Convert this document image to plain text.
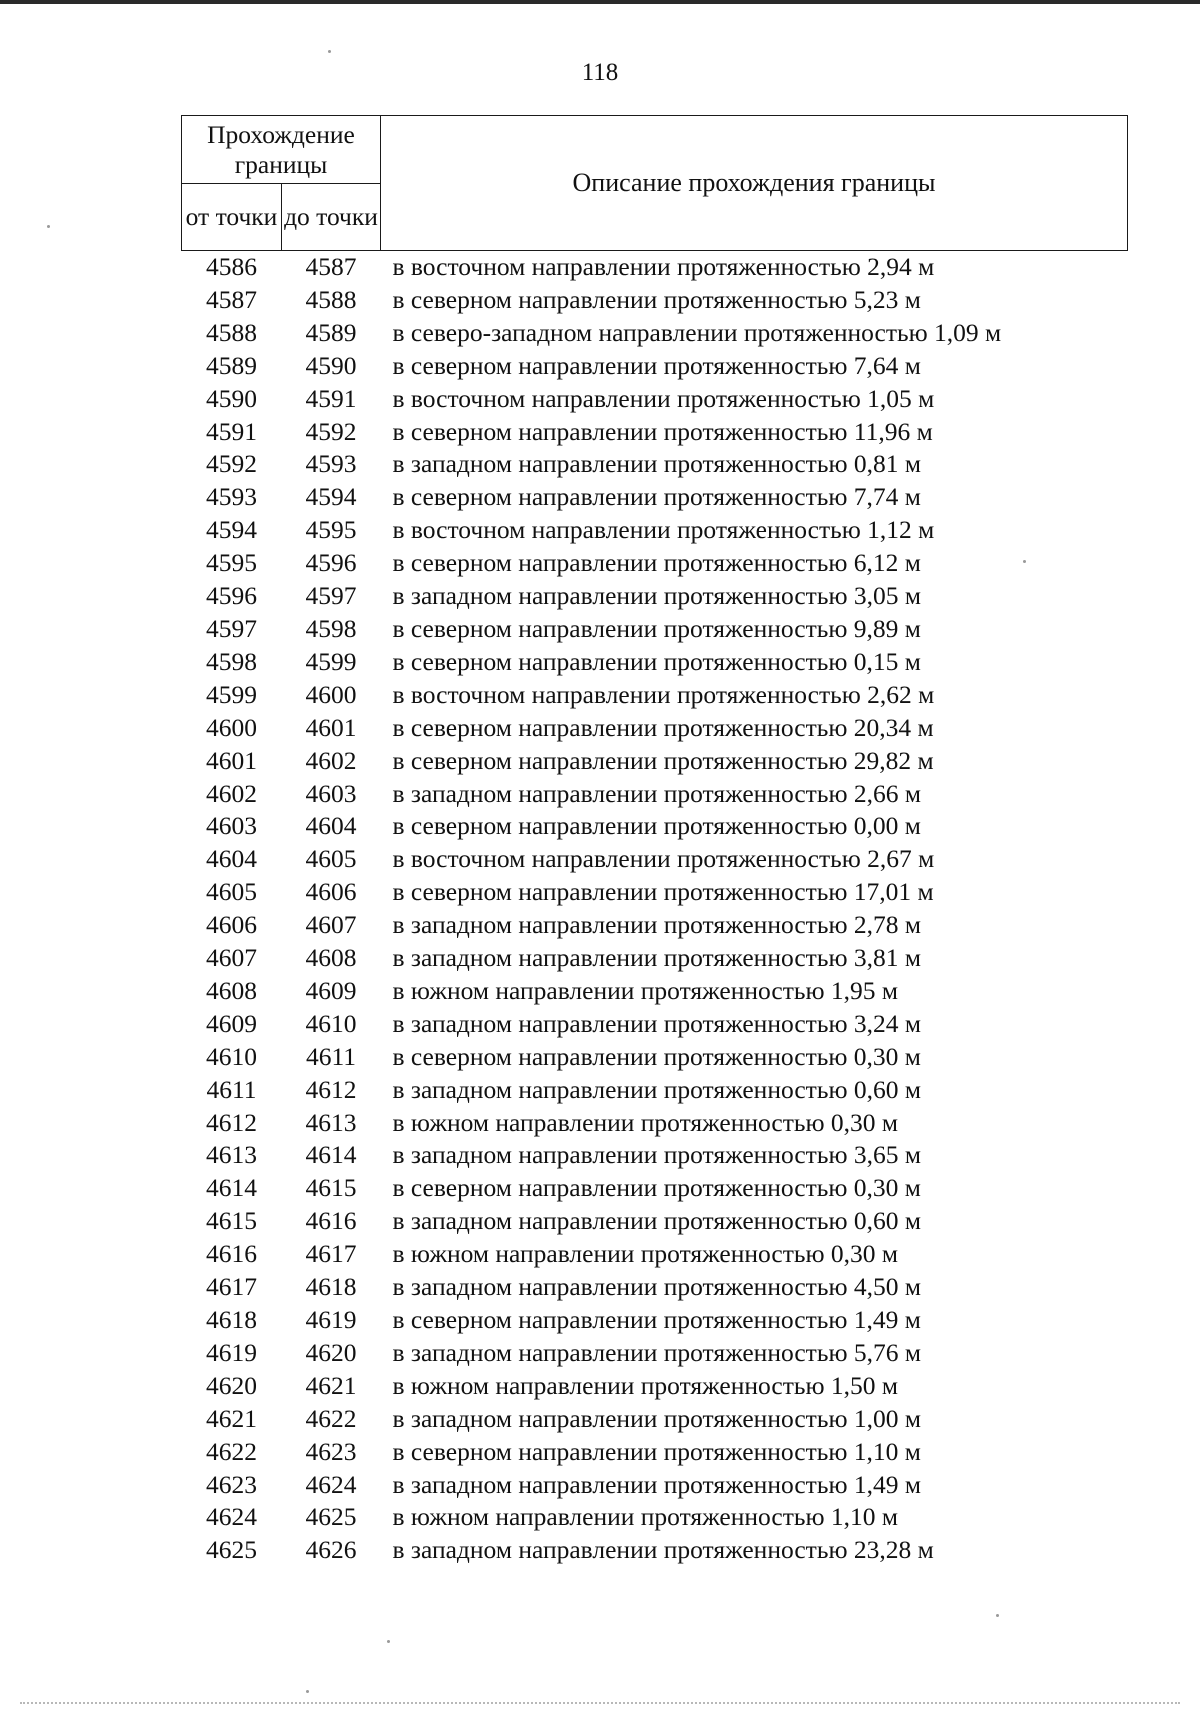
118
Прохождение границы		Описание прохождения границы
от точки	до точки	
4586	4587	в восточном направлении протяженностью 2,94 м
4587	4588	в северном направлении протяженностью 5,23 м
4588	4589	в северо-западном направлении протяженностью 1,09 м
4589	4590	в северном направлении протяженностью 7,64 м
4590	4591	в восточном направлении протяженностью 1,05 м
4591	4592	в северном направлении протяженностью 11,96 м
4592	4593	в западном направлении протяженностью 0,81 м
4593	4594	в северном направлении протяженностью 7,74 м
4594	4595	в восточном направлении протяженностью 1,12 м
4595	4596	в северном направлении протяженностью 6,12 м
4596	4597	в западном направлении протяженностью 3,05 м
4597	4598	в северном направлении протяженностью 9,89 м
4598	4599	в северном направлении протяженностью 0,15 м
4599	4600	в восточном направлении протяженностью 2,62 м
4600	4601	в северном направлении протяженностью 20,34 м
4601	4602	в северном направлении протяженностью 29,82 м
4602	4603	в западном направлении протяженностью 2,66 м
4603	4604	в северном направлении протяженностью 0,00 м
4604	4605	в восточном направлении протяженностью 2,67 м
4605	4606	в северном направлении протяженностью 17,01 м
4606	4607	в западном направлении протяженностью 2,78 м
4607	4608	в западном направлении протяженностью 3,81 м
4608	4609	в южном направлении протяженностью 1,95 м
4609	4610	в западном направлении протяженностью 3,24 м
4610	4611	в северном направлении протяженностью 0,30 м
4611	4612	в западном направлении протяженностью 0,60 м
4612	4613	в южном направлении протяженностью 0,30 м
4613	4614	в западном направлении протяженностью 3,65 м
4614	4615	в северном направлении протяженностью 0,30 м
4615	4616	в западном направлении протяженностью 0,60 м
4616	4617	в южном направлении протяженностью 0,30 м
4617	4618	в западном направлении протяженностью 4,50 м
4618	4619	в северном направлении протяженностью 1,49 м
4619	4620	в западном направлении протяженностью 5,76 м
4620	4621	в южном направлении протяженностью 1,50 м
4621	4622	в западном направлении протяженностью 1,00 м
4622	4623	в северном направлении протяженностью 1,10 м
4623	4624	в западном направлении протяженностью 1,49 м
4624	4625	в южном направлении протяженностью 1,10 м
4625	4626	в западном направлении протяженностью 23,28 м
